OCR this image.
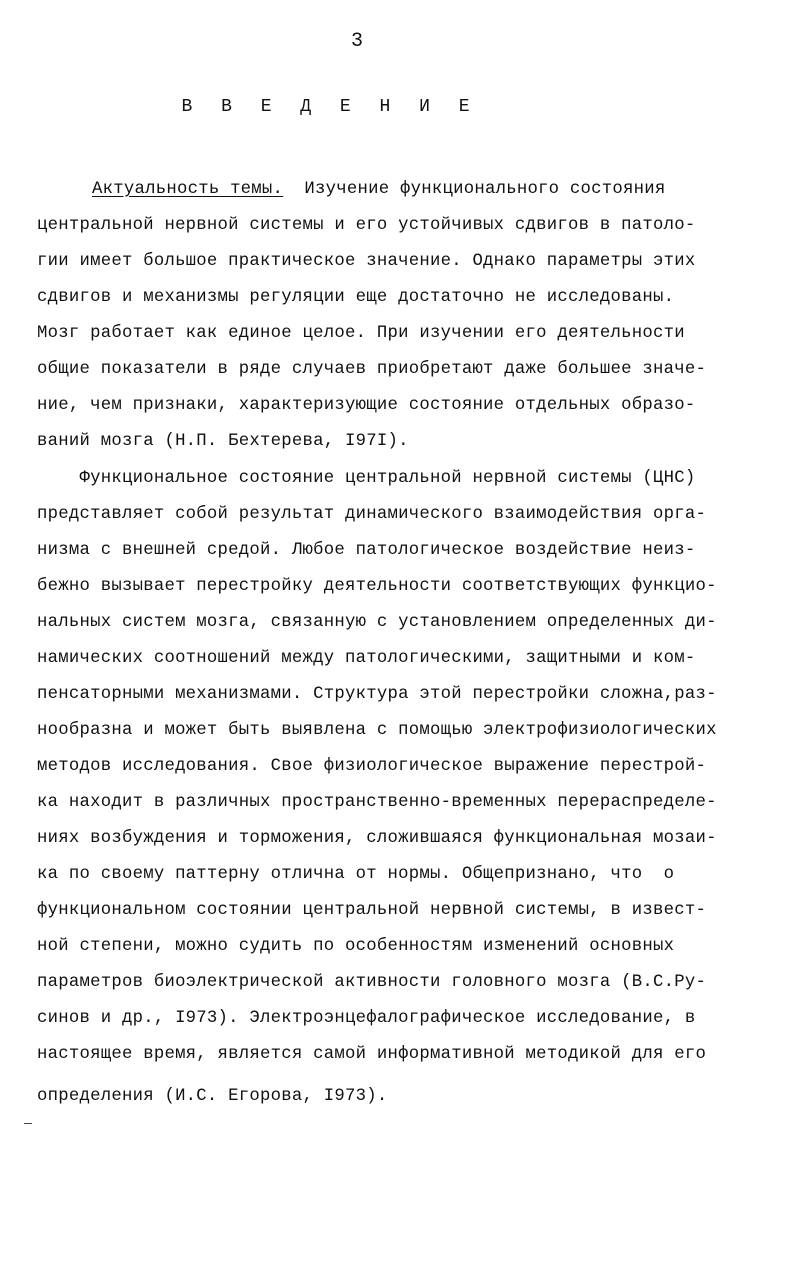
3
В В Е Д Е Н И Е
Актуальность темы.  Изучение функционального состояния
центральной нервной системы и его устойчивых сдвигов в патоло-
гии имеет большое практическое значение. Однако параметры этих
сдвигов и механизмы регуляции еще достаточно не исследованы.
Мозг работает как единое целое. При изучении его деятельности
общие показатели в ряде случаев приобретают даже большее значе-
ние, чем признаки, характеризующие состояние отдельных образо-
ваний мозга (Н.П. Бехтерева, I97I).
Функциональное состояние центральной нервной системы (ЦНС)
представляет собой результат динамического взаимодействия орга-
низма с внешней средой. Любое патологическое воздействие неиз-
бежно вызывает перестройку деятельности соответствующих функцио-
нальных систем мозга, связанную с установлением определенных ди-
намических соотношений между патологическими, защитными и ком-
пенсаторными механизмами. Структура этой перестройки сложна,раз-
нообразна и может быть выявлена с помощью электрофизиологических
методов исследования. Свое физиологическое выражение перестрой-
ка находит в различных пространственно-временных перераспределе-
ниях возбуждения и торможения, сложившаяся функциональная мозаи-
ка по своему паттерну отлична от нормы. Общепризнано, что  о
функциональном состоянии центральной нервной системы, в извест-
ной степени, можно судить по особенностям изменений основных
параметров биоэлектрической активности головного мозга (В.С.Ру-
синов и др., I973). Электроэнцефалографическое исследование, в
настоящее время, является самой информативной методикой для его
определения (И.С. Егорова, I973).
